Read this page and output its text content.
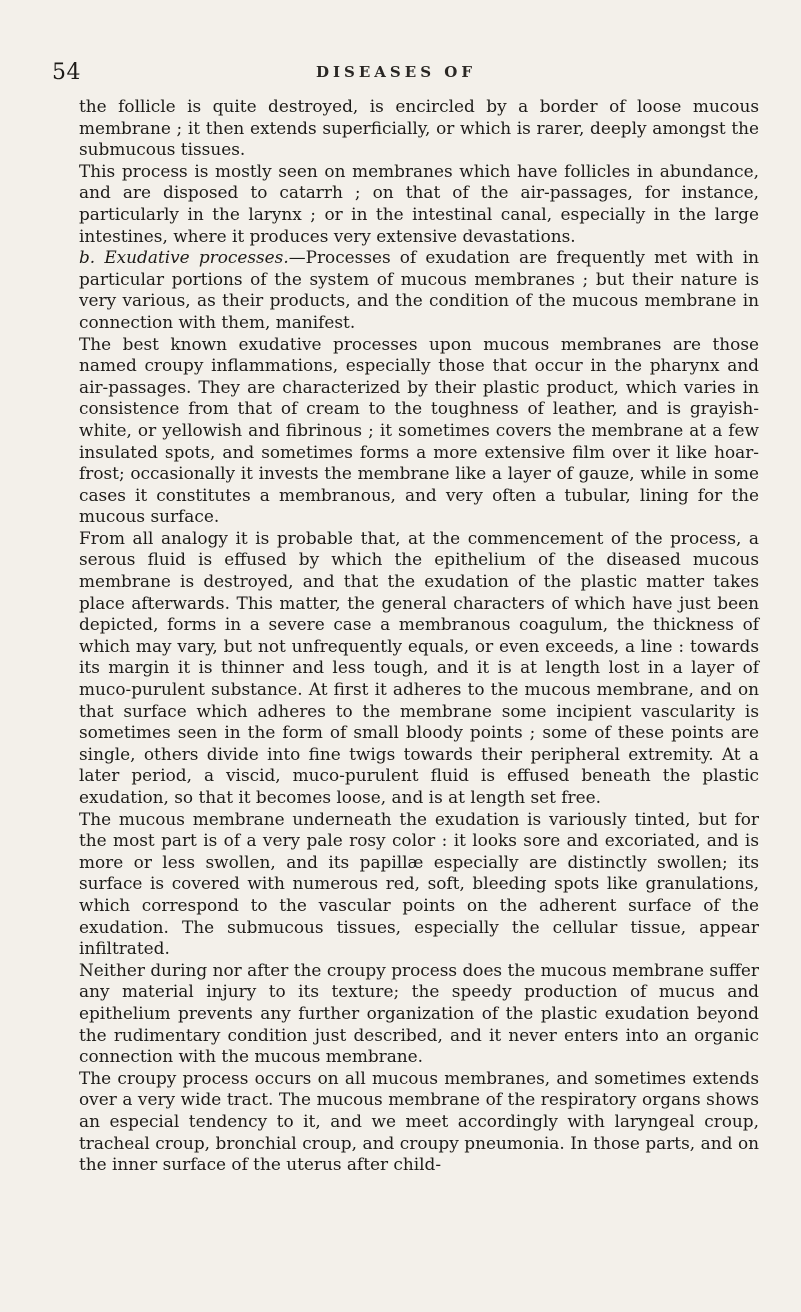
54	DISEASES OF

the follicle is quite destroyed, is encircled by a border of loose mucous membrane ; it then extends superficially, or which is rarer, deeply amongst the submucous tissues.

This process is mostly seen on membranes which have follicles in abundance, and are disposed to catarrh ; on that of the air-passages, for instance, particularly in the larynx ; or in the intestinal canal, especially in the large intestines, where it produces very extensive devastations.

b. Exudative processes.—Processes of exudation are frequently met with in particular portions of the system of mucous membranes ; but their nature is very various, as their products, and the condition of the mucous membrane in connection with them, manifest.

The best known exudative processes upon mucous membranes are those named croupy inflammations, especially those that occur in the pharynx and air-passages. They are characterized by their plastic product, which varies in consistence from that of cream to the toughness of leather, and is grayish-white, or yellowish and fibrinous ; it sometimes covers the membrane at a few insulated spots, and sometimes forms a more extensive film over it like hoar-frost; occasionally it invests the membrane like a layer of gauze, while in some cases it constitutes a membranous, and very often a tubular, lining for the mucous surface.

From all analogy it is probable that, at the commencement of the process, a serous fluid is effused by which the epithelium of the diseased mucous membrane is destroyed, and that the exudation of the plastic matter takes place afterwards. This matter, the general characters of which have just been depicted, forms in a severe case a membranous coagulum, the thickness of which may vary, but not unfrequently equals, or even exceeds, a line : towards its margin it is thinner and less tough, and it is at length lost in a layer of muco-purulent substance. At first it adheres to the mucous membrane, and on that surface which adheres to the membrane some incipient vascularity is sometimes seen in the form of small bloody points ; some of these points are single, others divide into fine twigs towards their peripheral extremity. At a later period, a viscid, muco-purulent fluid is effused beneath the plastic exudation, so that it becomes loose, and is at length set free.

The mucous membrane underneath the exudation is variously tinted, but for the most part is of a very pale rosy color : it looks sore and excoriated, and is more or less swollen, and its papillæ especially are distinctly swollen; its surface is covered with numerous red, soft, bleeding spots like granulations, which correspond to the vascular points on the adherent surface of the exudation. The submucous tissues, especially the cellular tissue, appear infiltrated.

Neither during nor after the croupy process does the mucous membrane suffer any material injury to its texture; the speedy production of mucus and epithelium prevents any further organization of the plastic exudation beyond the rudimentary condition just described, and it never enters into an organic connection with the mucous membrane.

The croupy process occurs on all mucous membranes, and sometimes extends over a very wide tract. The mucous membrane of the respiratory organs shows an especial tendency to it, and we meet accordingly with laryngeal croup, tracheal croup, bronchial croup, and croupy pneumonia. In those parts, and on the inner surface of the uterus after child-
